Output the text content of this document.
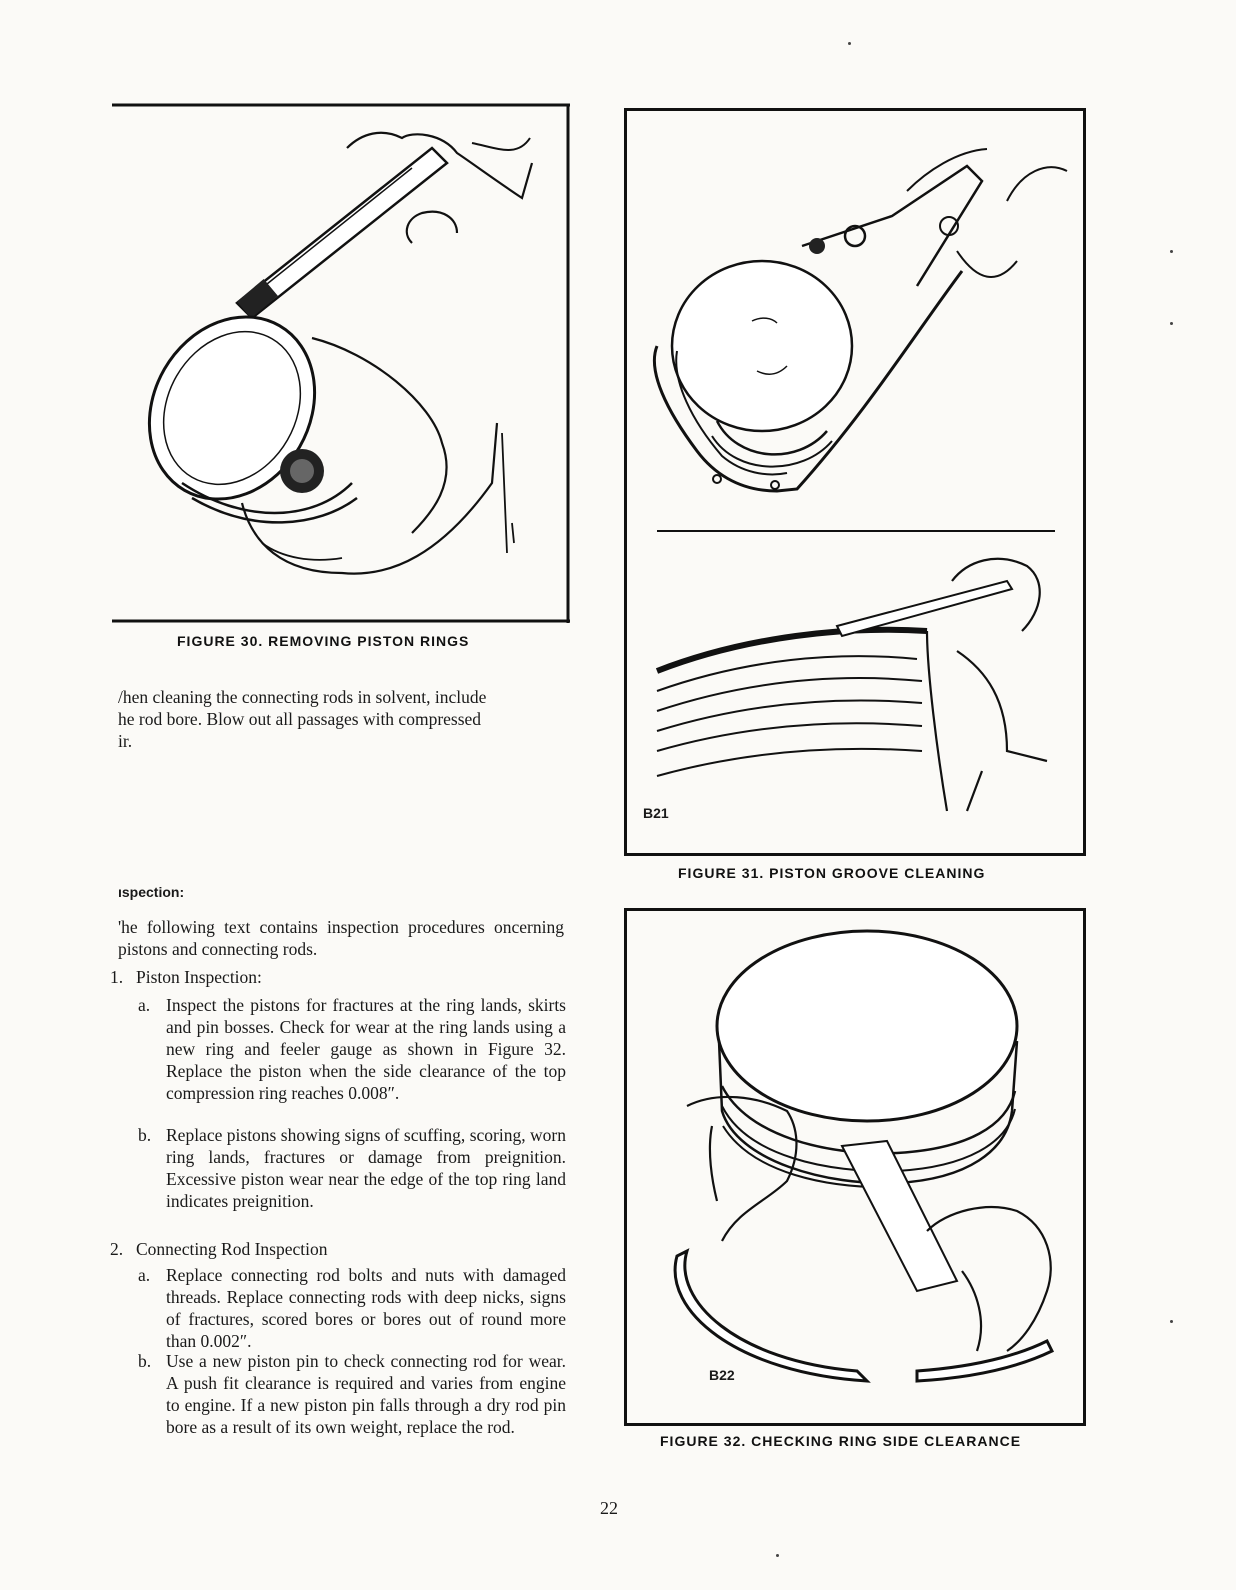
FIGURE 30. REMOVING PISTON RINGS
/hen cleaning the connecting rods in solvent, include
he rod bore. Blow out all passages with compressed
ir.
B21
FIGURE 31. PISTON GROOVE CLEANING
ıspection:
'he following text contains inspection procedures oncerning pistons and connecting rods.
1. Piston Inspection:
a. Inspect the pistons for fractures at the ring lands, skirts and pin bosses. Check for wear at the ring lands using a new ring and feeler gauge as shown in Figure 32. Replace the piston when the side clearance of the top compression ring reaches 0.008″.
b. Replace pistons showing signs of scuffing, scoring, worn ring lands, fractures or damage from preignition. Excessive piston wear near the edge of the top ring land indicates preignition.
2. Connecting Rod Inspection
a. Replace connecting rod bolts and nuts with damaged threads. Replace connecting rods with deep nicks, signs of fractures, scored bores or bores out of round more than 0.002″.
b. Use a new piston pin to check connecting rod for wear. A push fit clearance is required and varies from engine to engine. If a new piston pin falls through a dry rod pin bore as a result of its own weight, replace the rod.
B22
FIGURE 32. CHECKING RING SIDE CLEARANCE
22
